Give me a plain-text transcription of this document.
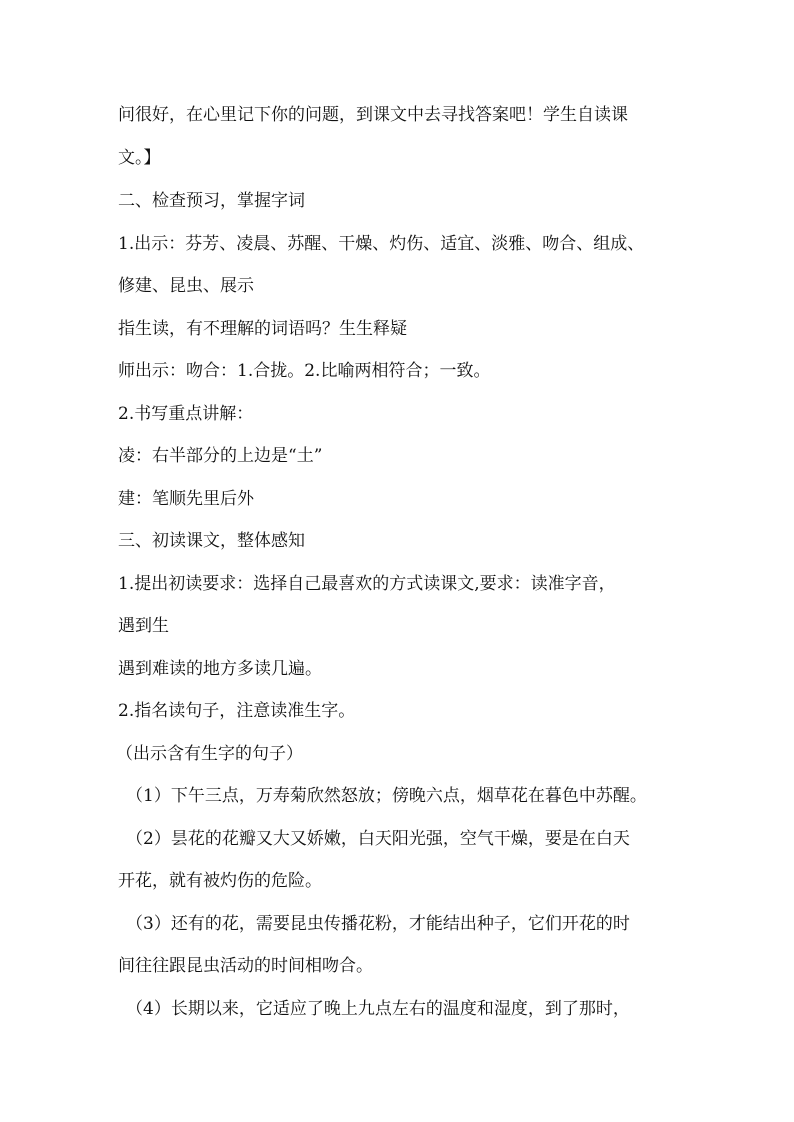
问很好，在心里记下你的问题，到课文中去寻找答案吧！学生自读课
文。】
二、检查预习，掌握字词
1.出示：芬芳、凌晨、苏醒、干燥、灼伤、适宜、淡雅、吻合、组成、
修建、昆虫、展示
指生读，有不理解的词语吗？生生释疑
师出示：吻合：1.合拢。2.比喻两相符合；一致。
2.书写重点讲解：
凌：右半部分的上边是“土”
建：笔顺先里后外
三、初读课文，整体感知
1.提出初读要求：选择自己最喜欢的方式读课文,要求：读准字音，
遇到生
遇到难读的地方多读几遍。
2.指名读句子，注意读准生字。
（出示含有生字的句子）
（1）下午三点，万寿菊欣然怒放；傍晚六点，烟草花在暮色中苏醒。
（2）昙花的花瓣又大又娇嫩，白天阳光强，空气干燥，要是在白天
开花，就有被灼伤的危险。
（3）还有的花，需要昆虫传播花粉，才能结出种子，它们开花的时
间往往跟昆虫活动的时间相吻合。
（4）长期以来，它适应了晚上九点左右的温度和湿度，到了那时，
